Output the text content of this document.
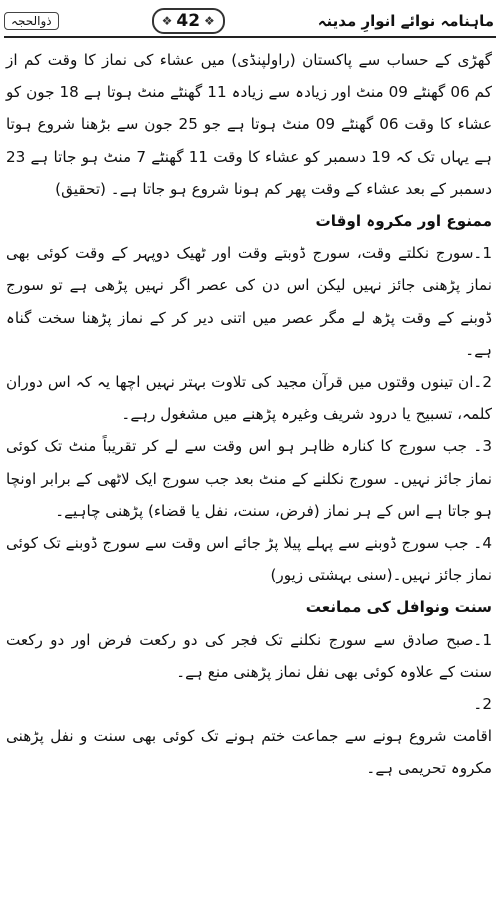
ماہنامہ نوائے انوارِ مدینہ
❖ 42 ❖
ذوالحجہ

گھڑی کے حساب سے پاکستان (راولپنڈی) میں عشاء کی نماز کا وقت کم از کم 06 گھنٹے 09 منٹ اور زیادہ سے زیادہ 11 گھنٹے منٹ ہوتا ہے 18 جون کو عشاء کا وقت 06 گھنٹے 09 منٹ ہوتا ہے جو 25 جون سے بڑھنا شروع ہوتا ہے یہاں تک کہ 19 دسمبر کو عشاء کا وقت 11 گھنٹے 7 منٹ ہو جاتا ہے 23 دسمبر کے بعد عشاء کے وقت پھر کم ہونا شروع ہو جاتا ہے۔ (تحقیق)

ممنوع اور مکروہ اوقات

1۔سورج نکلتے وقت، سورج ڈوبتے وقت اور ٹھیک دوپہر کے وقت کوئی بھی نماز پڑھنی جائز نہیں لیکن اس دن کی عصر اگر نہیں پڑھی ہے تو سورج ڈوبنے کے وقت پڑھ لے مگر عصر میں اتنی دیر کر کے نماز پڑھنا سخت گناہ ہے۔

2۔ان تینوں وقتوں میں قرآن مجید کی تلاوت بہتر نہیں اچھا یہ کہ اس دوران کلمہ، تسبیح یا درود شریف وغیرہ پڑھنے میں مشغول رہے۔

3۔ جب سورج کا کنارہ ظاہر ہو اس وقت سے لے کر تقریباً منٹ تک کوئی نماز جائز نہیں۔ سورج نکلنے کے منٹ بعد جب سورج ایک لاٹھی کے برابر اونچا ہو جاتا ہے اس کے ہر نماز (فرض، سنت، نفل یا قضاء) پڑھنی چاہیے۔

4۔ جب سورج ڈوبنے سے پہلے پیلا پڑ جائے اس وقت سے سورج ڈوبنے تک کوئی نماز جائز نہیں۔(سنی بہشتی زیور)

سنت ونوافل کی ممانعت

1۔صبح صادق سے سورج نکلنے تک فجر کی دو رکعت فرض اور دو رکعت سنت کے علاوہ کوئی بھی نفل نماز پڑھنی منع ہے۔

2۔

اقامت شروع ہونے سے جماعت ختم ہونے تک کوئی بھی سنت و نفل پڑھنی مکروہ تحریمی ہے۔
